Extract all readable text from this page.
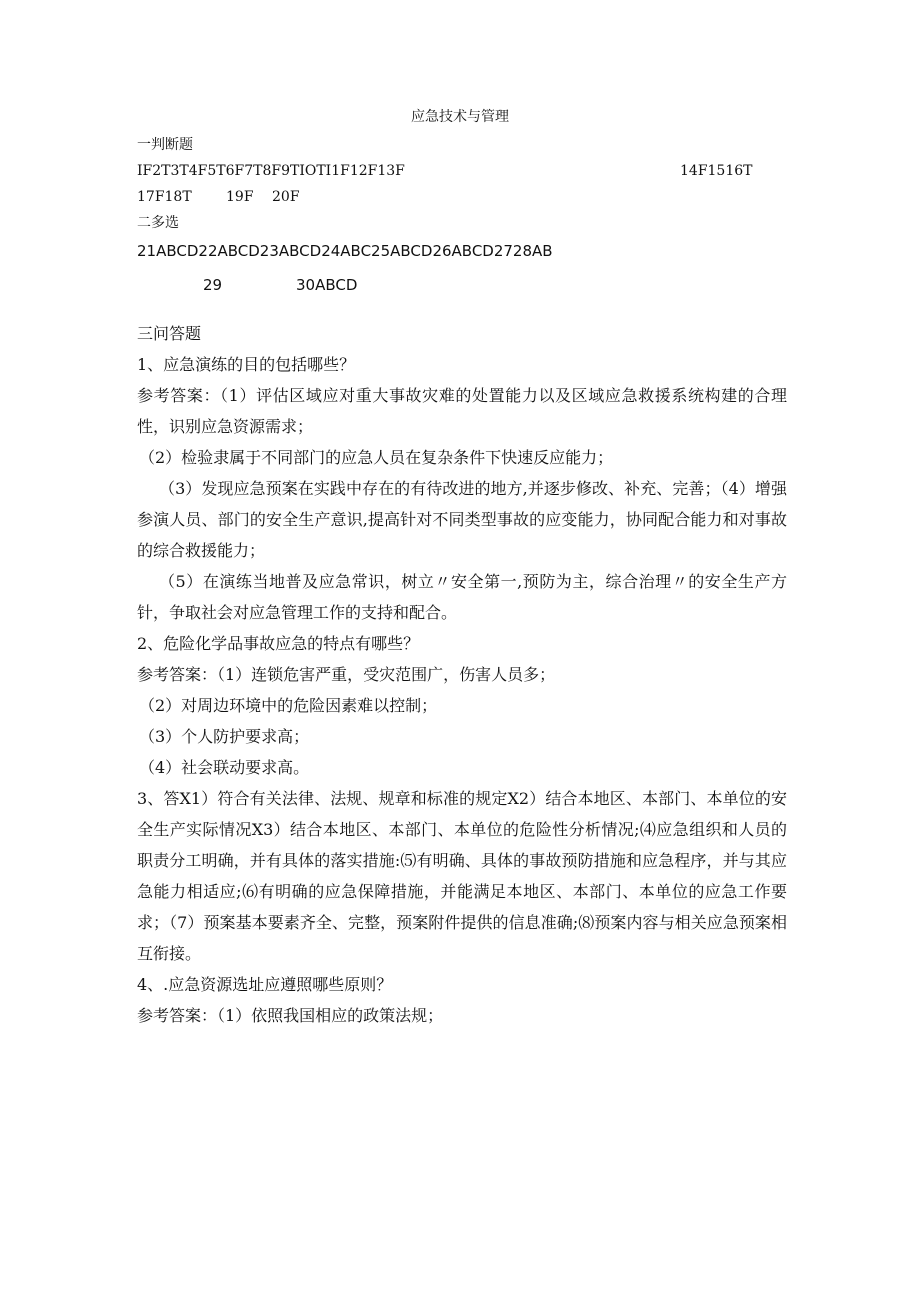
应急技术与管理
一判断题
IF2T3T4F5T6F7T8F9TIOTI1F12F13F	14F1516T
17F18T 19F 20F
二多选
21ABCD22ABCD23ABCD24ABC25ABCD26ABCD2728AB
29	30ABCD

三问答题

1、应急演练的目的包括哪些？

参考答案：（1）评估区域应对重大事故灾难的处置能力以及区域应急救援系统构建的合理性，识别应急资源需求；

（2）检验隶属于不同部门的应急人员在复杂条件下快速反应能力；

（3）发现应急预案在实践中存在的有待改进的地方,并逐步修改、补充、完善；（4）增强参演人员、部门的安全生产意识,提高针对不同类型事故的应变能力，协同配合能力和对事故的综合救援能力；

（5）在演练当地普及应急常识，树立〃安全第一,预防为主，综合治理〃的安全生产方针，争取社会对应急管理工作的支持和配合。

2、危险化学品事故应急的特点有哪些？

参考答案：（1）连锁危害严重，受灾范围广，伤害人员多；

（2）对周边环境中的危险因素难以控制；

（3）个人防护要求高；

（4）社会联动要求高。

3、答X1）符合有关法律、法规、规章和标准的规定X2）结合本地区、本部门、本单位的安全生产实际情况X3）结合本地区、本部门、本单位的危险性分析情况;⑷应急组织和人员的职责分工明确，并有具体的落实措施:⑸有明确、具体的事故预防措施和应急程序，并与其应急能力相适应;⑹有明确的应急保障措施，并能满足本地区、本部门、本单位的应急工作要求；（7）预案基本要素齐全、完整，预案附件提供的信息准确;⑻预案内容与相关应急预案相互衔接。

4、.应急资源选址应遵照哪些原则？

参考答案：（1）依照我国相应的政策法规；
